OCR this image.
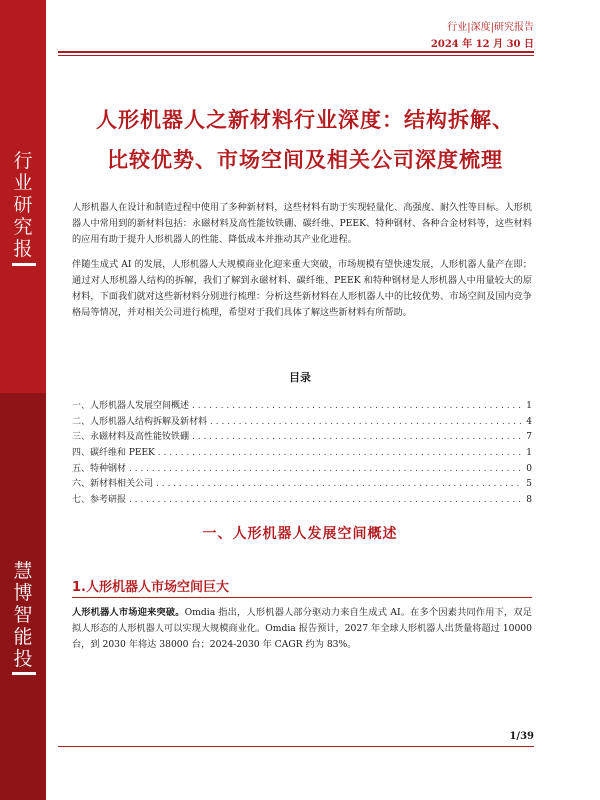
行
业
研
究
报
慧
博
智
能
投
行业|深度|研究报告
2024 年 12 月 30 日
人形机器人之新材料行业深度：结构拆解、
比较优势、市场空间及相关公司深度梳理
人形机器人在设计和制造过程中使用了多种新材料，这些材料有助于实现轻量化、高强度、耐久性等目标。人形机器人中常用到的新材料包括：永磁材料及高性能钕铁硼、碳纤维、PEEK、特种钢材、各种合金材料等，这些材料的应用有助于提升人形机器人的性能、降低成本并推动其产业化进程。
伴随生成式 AI 的发展，人形机器人大规模商业化迎来重大突破，市场规模有望快速发展，人形机器人量产在即；通过对人形机器人结构的拆解，我们了解到永磁材料、碳纤维、PEEK 和特种钢材是人形机器人中用量较大的原材料，下面我们就对这些新材料分别进行梳理：分析这些新材料在人形机器人中的比较优势、市场空间及国内竞争格局等情况，并对相关公司进行梳理，希望对于我们具体了解这些新材料有所帮助。
目录
一、人形机器人发展空间概述 . . .	1
二、人形机器人结构拆解及新材料 . . .	4
三、永磁材料及高性能钕铁硼 . . .	7
四、碳纤维和 PEEK . . .	1
五、特种钢材 . . .	0
六、新材料相关公司 . . .	5
七、参考研报 . . .	8
一、人形机器人发展空间概述
1.人形机器人市场空间巨大
人形机器人市场迎来突破。Omdia 指出，人形机器人部分驱动力来自生成式 AI。在多个因素共同作用下，双足拟人形态的人形机器人可以实现大规模商业化。Omdia 报告预计，2027 年全球人形机器人出货量将超过 10000 台，到 2030 年将达 38000 台；2024-2030 年 CAGR 约为 83%。
1/39
